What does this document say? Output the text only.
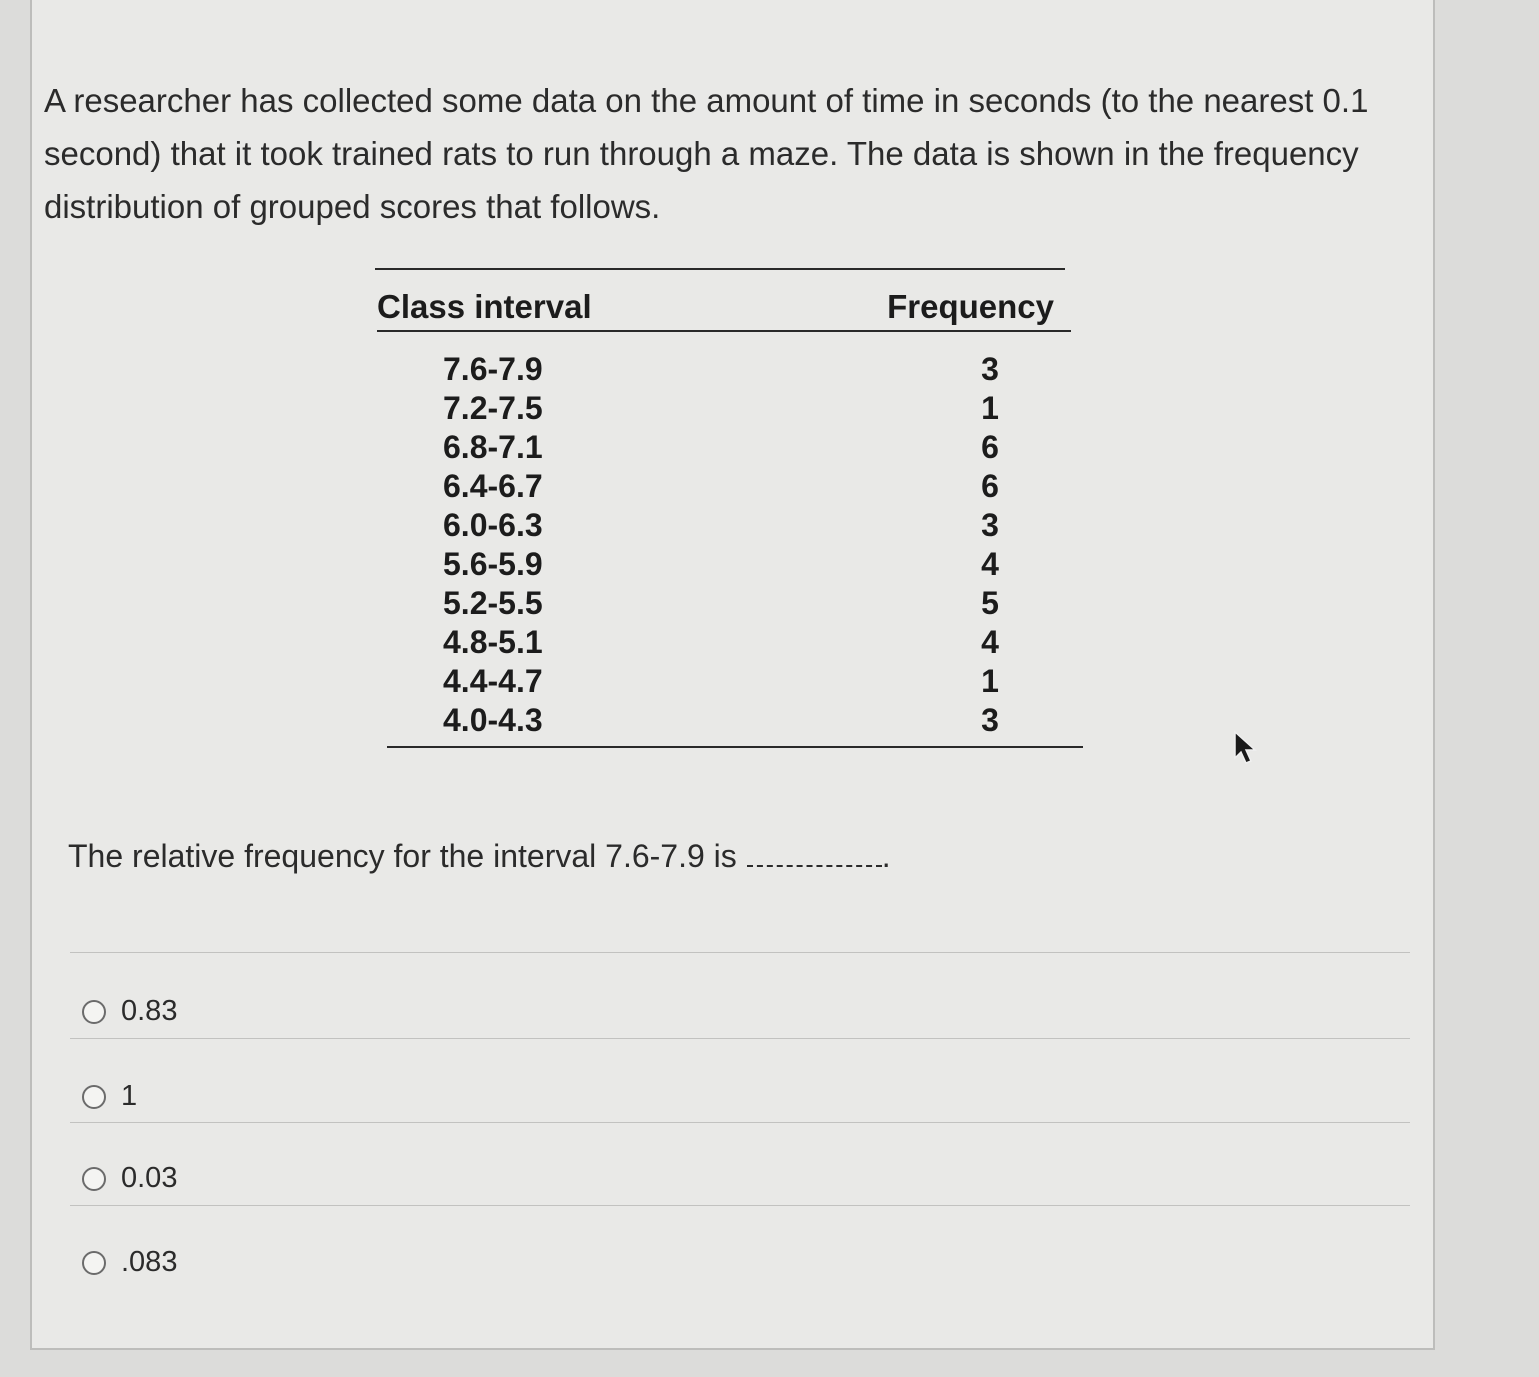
A researcher has collected some data on the amount of time in seconds (to the nearest 0.1 second) that it took trained rats to run through a maze. The data is shown in the frequency distribution of grouped scores that follows.

Class interval	Frequency
7.6-7.9
7.2-7.5
6.8-7.1
6.4-6.7
6.0-6.3
5.6-5.9
5.2-5.5
4.8-5.1
4.4-4.7
4.0-4.3
3
1
6
6
3
4
5
4
1
3
The relative frequency for the interval 7.6-7.9 is	.
0.83
1
0.03
.083
